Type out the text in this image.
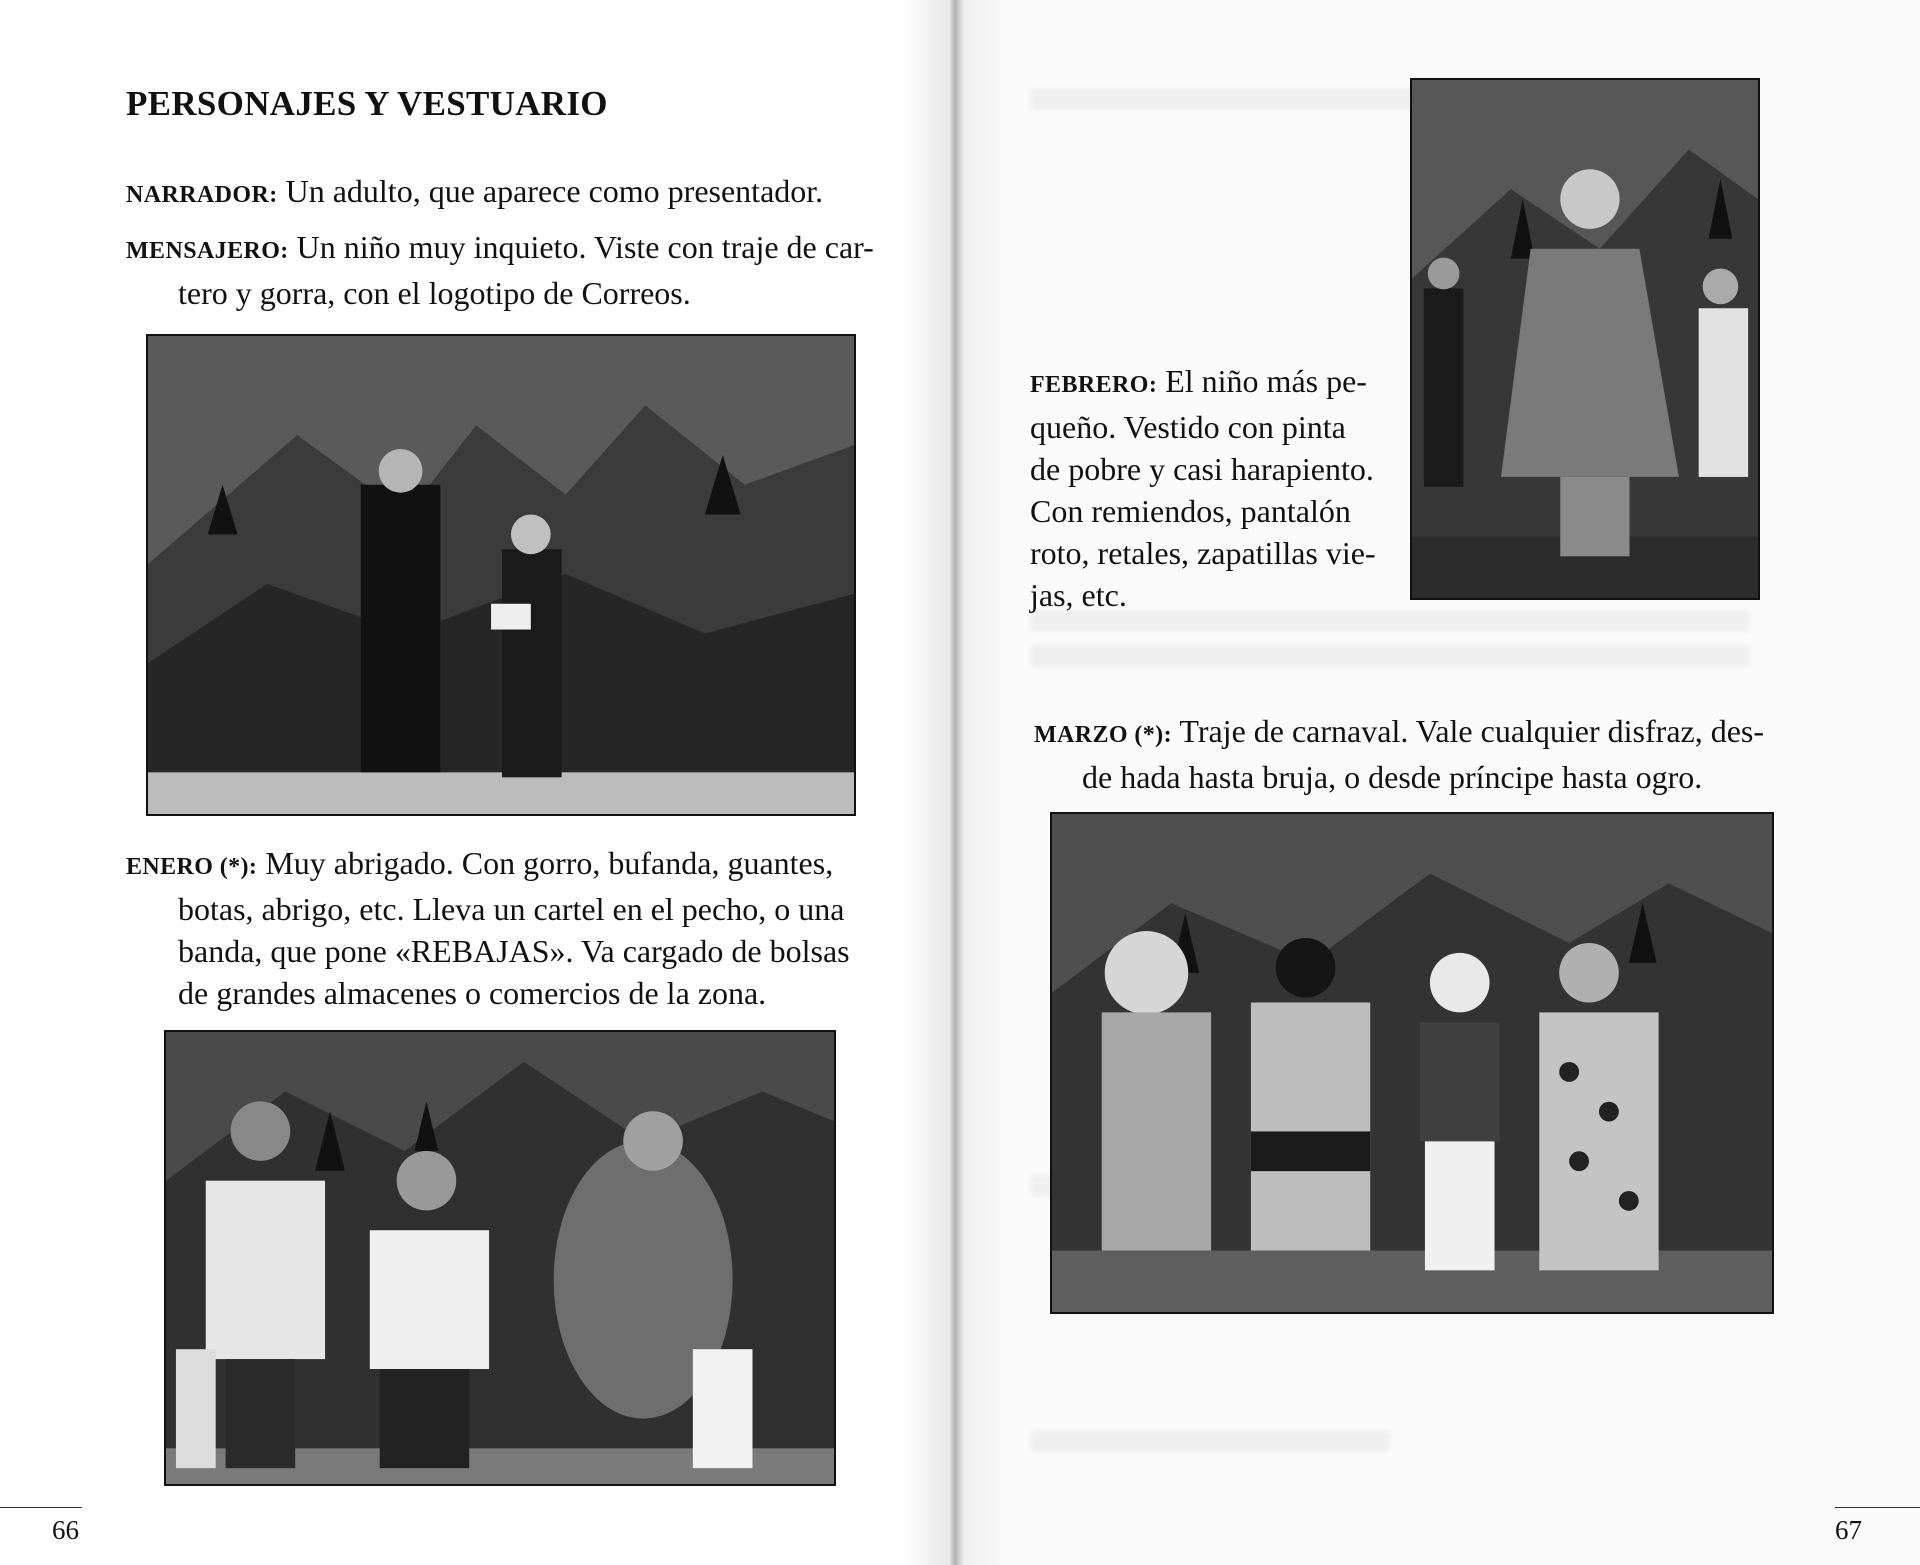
PERSONAJES Y VESTUARIO

NARRADOR: Un adulto, que aparece como presentador.

MENSAJERO: Un niño muy inquieto. Viste con traje de car-
tero y gorra, con el logotipo de Correos.
ENERO (*): Muy abrigado. Con gorro, bufanda, guantes,
botas, abrigo, etc. Lleva un cartel en el pecho, o una
banda, que pone «REBAJAS». Va cargado de bolsas
de grandes almacenes o comercios de la zona.
66
FEBRERO: El niño más pe-
queño. Vestido con pinta
de pobre y casi harapiento.
Con remiendos, pantalón
roto, retales, zapatillas vie-
jas, etc.
MARZO (*): Traje de carnaval. Vale cualquier disfraz, des-
de hada hasta bruja, o desde príncipe hasta ogro.
67
